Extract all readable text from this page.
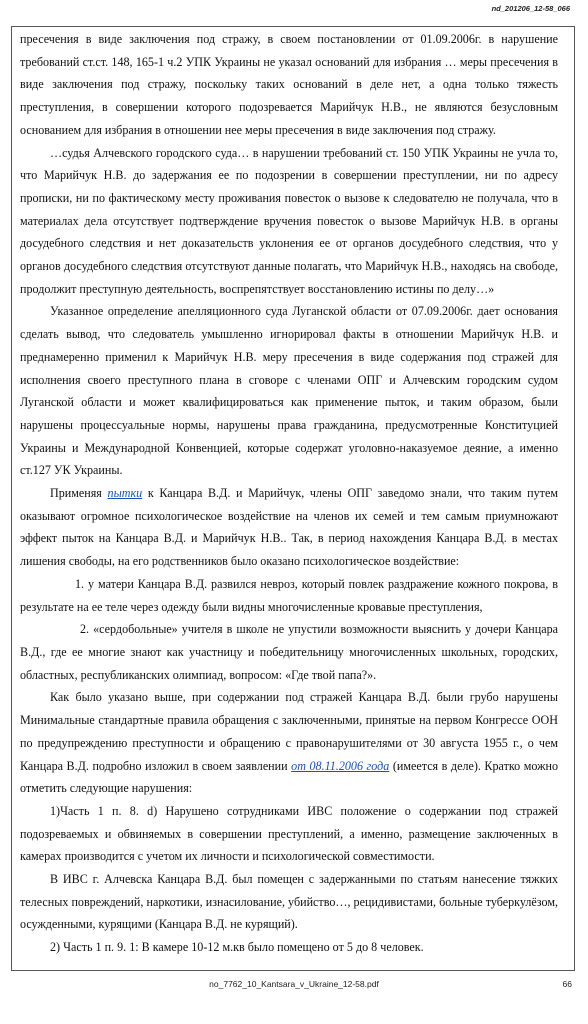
nd_201206_12-58_066

пресечения в виде заключения под стражу, в своем постановлении от 01.09.2006г. в нарушение требований ст.ст. 148, 165-1 ч.2 УПК Украины не указал оснований для избрания … меры пресечения в виде заключения под стражу, поскольку таких оснований в деле нет, а одна только тяжесть преступления, в совершении которого подозревается Марийчук Н.В., не являются безусловным основанием для избрания в отношении нее меры пресечения в виде заключения под стражу.

…судья Алчевского городского суда… в нарушении требований ст. 150 УПК Украины не учла то, что Марийчук Н.В. до задержания ее по подозрении в совершении преступлении, ни по адресу прописки, ни по фактическому месту проживания повесток о вызове к следователю не получала, что в материалах дела отсутствует подтверждение вручения повесток о вызове Марийчук Н.В. в органы досудебного следствия и нет доказательств уклонения ее от органов досудебного следствия, что у органов досудебного следствия отсутствуют данные полагать, что Марийчук Н.В., находясь на свободе, продолжит преступную деятельность, воспрепятствует восстановлению истины по делу…»

Указанное определение апелляционного суда Луганской области от 07.09.2006г. дает основания сделать вывод, что следователь умышленно игнорировал факты в отношении Марийчук Н.В. и преднамеренно применил к Марийчук Н.В. меру пресечения в виде содержания под стражей для исполнения своего преступного плана в сговоре с членами ОПГ и Алчевским городским судом Луганской области и может квалифицироваться как применение пыток, и таким образом, были нарушены процессуальные нормы, нарушены права гражданина, предусмотренные Конституцией Украины и Международной Конвенцией, которые содержат уголовно-наказуемое деяние, а именно ст.127 УК Украины.

Применяя пытки к Канцара В.Д. и Марийчук, члены ОПГ заведомо знали, что таким путем оказывают огромное психологическое воздействие на членов их семей и тем самым приумножают эффект пыток на Канцара В.Д. и Марийчук Н.В.. Так, в период нахождения Канцара В.Д. в местах лишения свободы, на его родственников было оказано психологическое воздействие:

1. у матери Канцара В.Д. развился невроз, который повлек раздражение кожного покрова, в результате на ее теле через одежду были видны многочисленные кровавые преступления,

2. «сердобольные» учителя в школе не упустили возможности выяснить у дочери Канцара В.Д., где ее многие знают как участницу и победительницу многочисленных школьных, городских, областных, республиканских олимпиад, вопросом: «Где твой папа?».

Как было указано выше, при содержании под стражей Канцара В.Д. были грубо нарушены Минимальные стандартные правила обращения с заключенными, принятые на первом Конгрессе ООН по предупреждению преступности и обращению с правонарушителями от 30 августа 1955 г., о чем Канцара В.Д. подробно изложил в своем заявлении от 08.11.2006 года (имеется в деле). Кратко можно отметить следующие нарушения:

1)Часть 1 п. 8. d) Нарушено сотрудниками ИВС положение о содержании под стражей подозреваемых и обвиняемых в совершении преступлений, а именно, размещение заключенных в камерах производится с учетом их личности и психологической совместимости.

В ИВС г. Алчевска Канцара В.Д. был помещен с задержанными по статьям нанесение тяжких телесных повреждений, наркотики, изнасилование, убийство…, рецидивистами, больные туберкулёзом, осужденными, курящими (Канцара В.Д. не курящий).

2) Часть 1 п. 9. 1: В камере 10-12 м.кв было помещено от 5 до 8 человек.

no_7762_10_Kantsara_v_Ukraine_12-58.pdf	66
